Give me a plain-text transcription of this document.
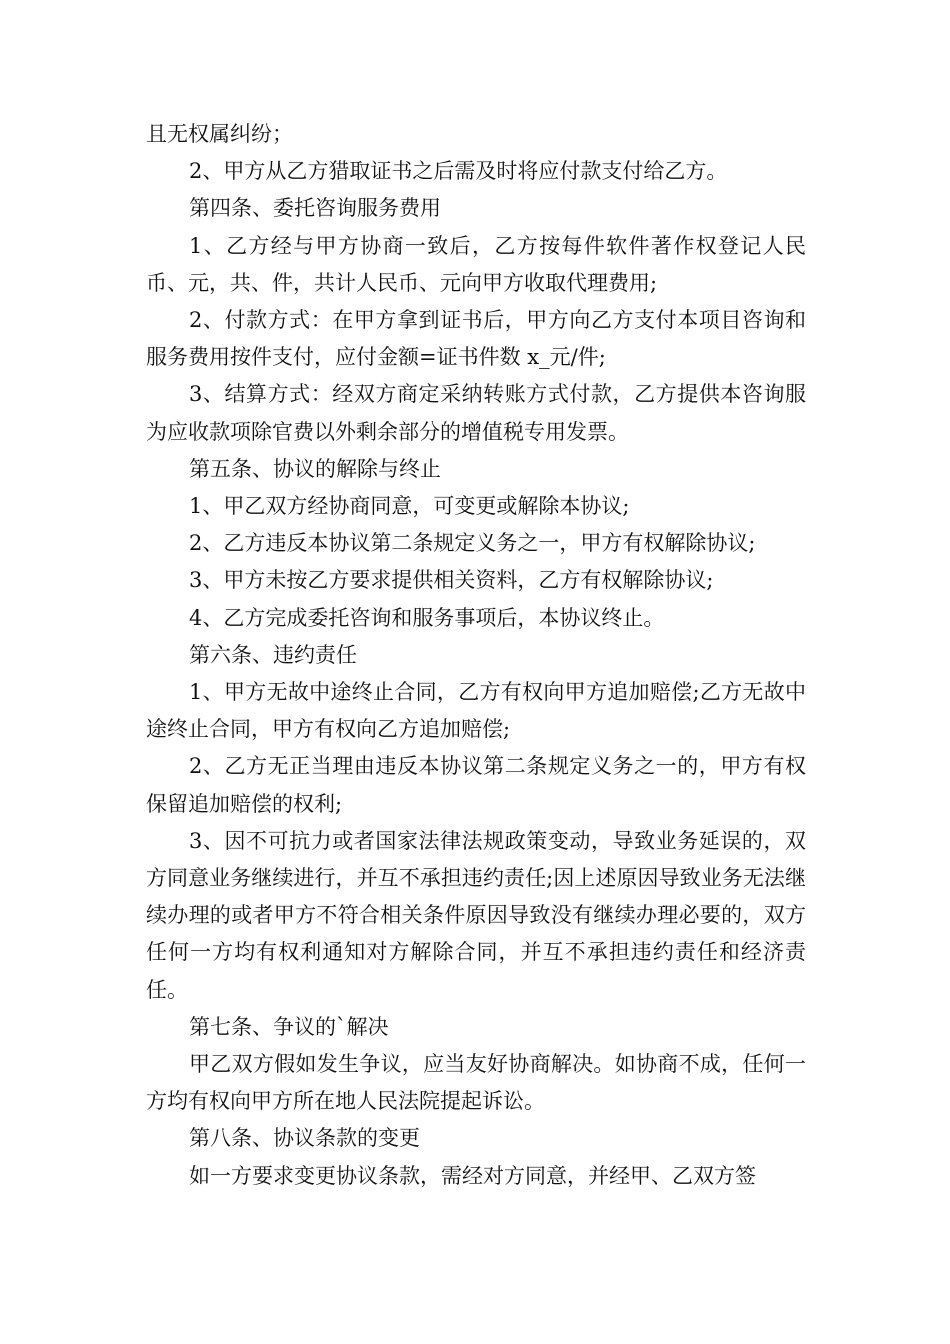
且无权属纠纷；

2、甲方从乙方猎取证书之后需及时将应付款支付给乙方。

第四条、委托咨询服务费用

1、乙方经与甲方协商一致后，乙方按每件软件著作权登记人民币、元，共、件，共计人民币、元向甲方收取代理费用;

2、付款方式：在甲方拿到证书后，甲方向乙方支付本项目咨询和服务费用按件支付，应付金额=证书件数 x_元/件;

3、结算方式：经双方商定采纳转账方式付款，乙方提供本咨询服为应收款项除官费以外剩余部分的增值税专用发票。

第五条、协议的解除与终止

1、甲乙双方经协商同意，可变更或解除本协议;

2、乙方违反本协议第二条规定义务之一，甲方有权解除协议;

3、甲方未按乙方要求提供相关资料，乙方有权解除协议;

4、乙方完成委托咨询和服务事项后，本协议终止。

第六条、违约责任

1、甲方无故中途终止合同，乙方有权向甲方追加赔偿;乙方无故中途终止合同，甲方有权向乙方追加赔偿;

2、乙方无正当理由违反本协议第二条规定义务之一的，甲方有权保留追加赔偿的权利;

3、因不可抗力或者国家法律法规政策变动，导致业务延误的，双方同意业务继续进行，并互不承担违约责任;因上述原因导致业务无法继续办理的或者甲方不符合相关条件原因导致没有继续办理必要的，双方任何一方均有权利通知对方解除合同，并互不承担违约责任和经济责任。

第七条、争议的`解决

甲乙双方假如发生争议，应当友好协商解决。如协商不成，任何一方均有权向甲方所在地人民法院提起诉讼。

第八条、协议条款的变更

如一方要求变更协议条款，需经对方同意，并经甲、乙双方签
